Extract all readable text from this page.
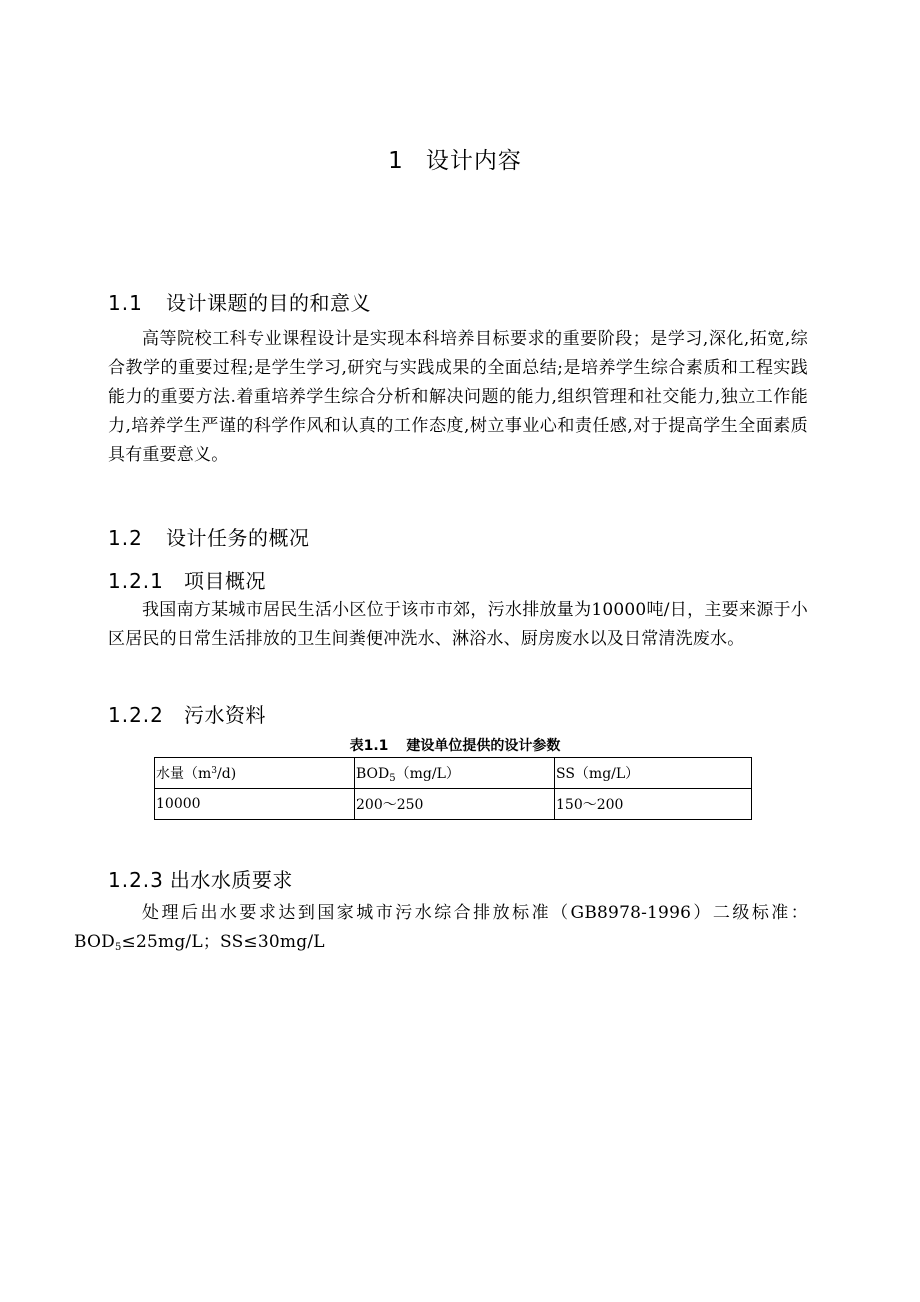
1 设计内容
1.1 设计课题的目的和意义
高等院校工科专业课程设计是实现本科培养目标要求的重要阶段；是学习,深化,拓宽,综合教学的重要过程;是学生学习,研究与实践成果的全面总结;是培养学生综合素质和工程实践能力的重要方法.着重培养学生综合分析和解决问题的能力,组织管理和社交能力,独立工作能力,培养学生严谨的科学作风和认真的工作态度,树立事业心和责任感,对于提高学生全面素质具有重要意义。
1.2 设计任务的概况
1.2.1 项目概况
我国南方某城市居民生活小区位于该市市郊，污水排放量为10000吨/日，主要来源于小区居民的日常生活排放的卫生间粪便冲洗水、淋浴水、厨房废水以及日常清洗废水。
1.2.2 污水资料
表1.1 建设单位提供的设计参数
水量$(m^3/d)$	$BOD_5(mg/L)$	SS（mg/L）
10000	200～250	150～200
1.2.3 出水水质要求
处理后出水要求达到国家城市污水综合排放标准（GB8978-1996）二级标准：$BOD_5\le 25mg/L$；SS≤30mg/L
